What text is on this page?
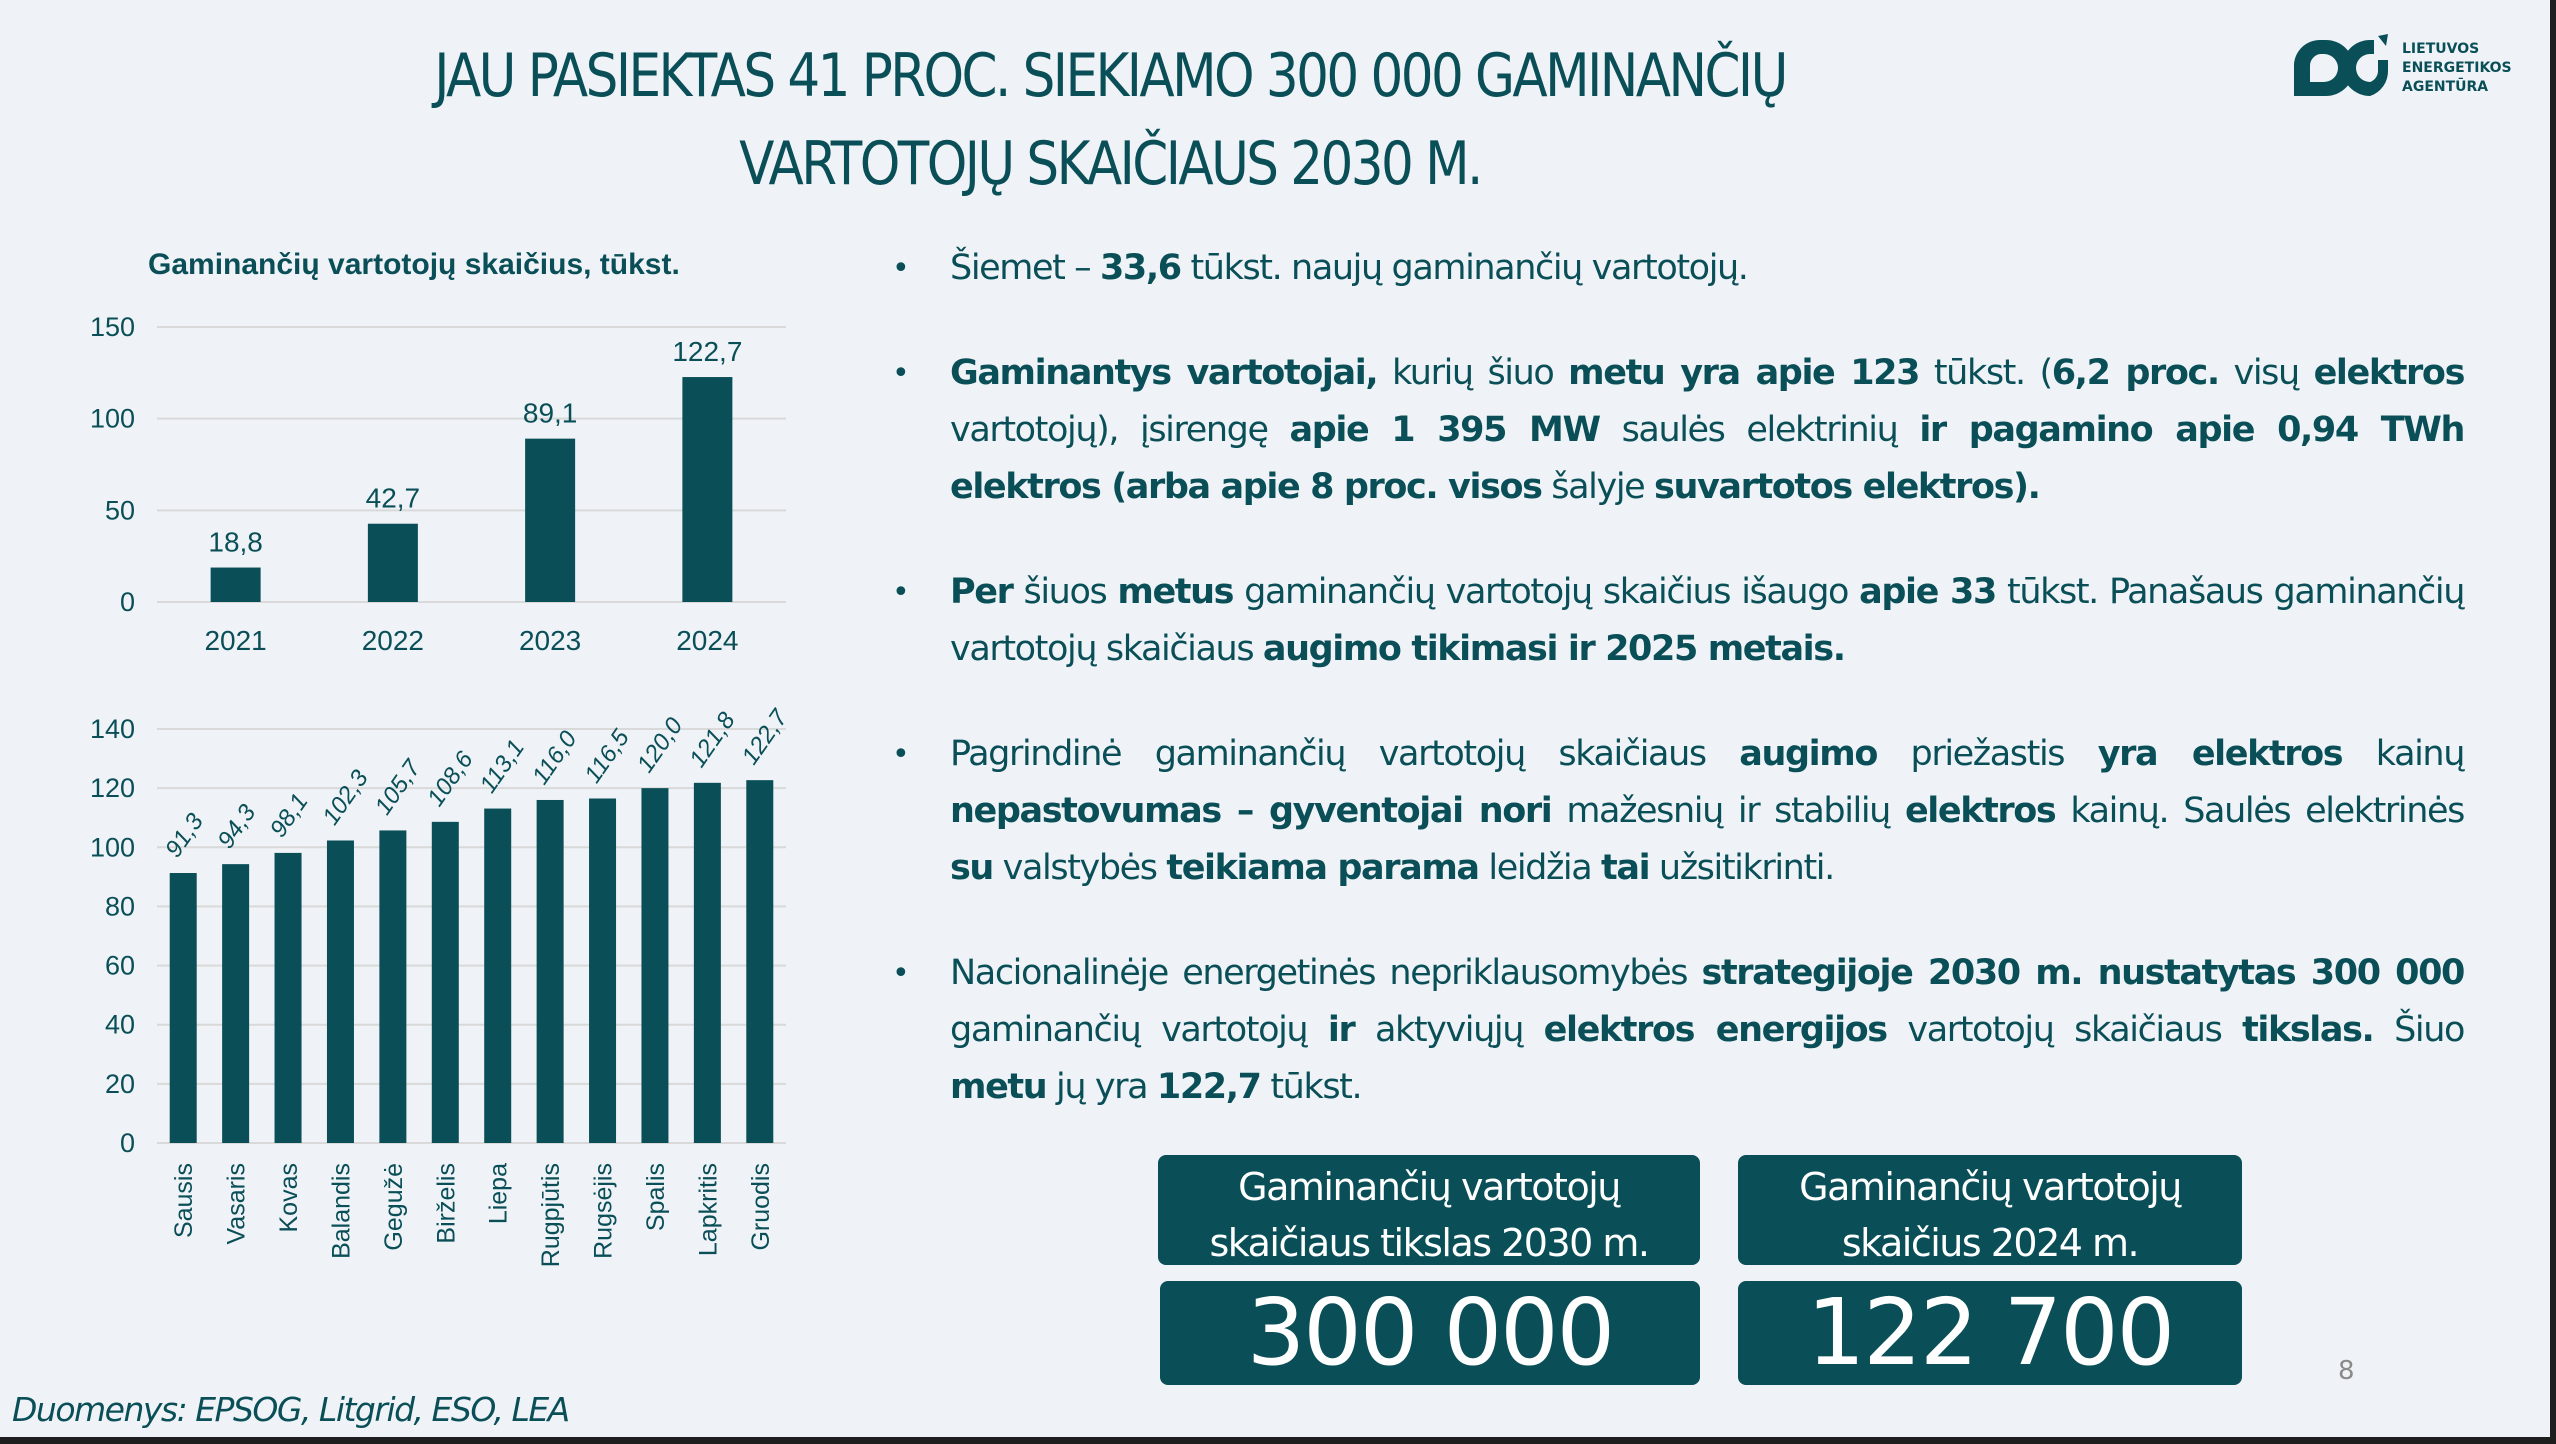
JAU PASIEKTAS 41 PROC. SIEKIAMO 300 000 GAMINANČIŲ
VARTOTOJŲ SKAIČIAUS 2030 M.
LIETUVOS
ENERGETIKOS
AGENTŪRA
Gaminančių vartotojų skaičius, tūkst.
0
50
100
150
18,8
2021
42,7
2022
89,1
2023
122,7
2024
0
20
40
60
80
100
120
140
91,3
Sausis
94,3
Vasaris
98,1
Kovas
102,3
Balandis
105,7
Gegužė
108,6
Birželis
113,1
Liepa
116,0
Rugpjūtis
116,5
Rugsėjis
120,0
Spalis
121,8
Lapkritis
122,7
Gruodis
• Šiemet – 33,6 tūkst. naujų gaminančių vartotojų.
• Gaminantys vartotojai, kurių šiuo metu yra apie 123 tūkst. (6,2 proc. visų elektros vartotojų), įsirengę apie 1 395 MW saulės elektrinių ir pagamino apie 0,94 TWh elektros (arba apie 8 proc. visos šalyje suvartotos elektros).
• Per šiuos metus gaminančių vartotojų skaičius išaugo apie 33 tūkst. Panašaus gaminančių vartotojų skaičiaus augimo tikimasi ir 2025 metais.
• Pagrindinė gaminančių vartotojų skaičiaus augimo priežastis yra elektros kainų nepastovumas – gyventojai nori mažesnių ir stabilių elektros kainų. Saulės elektrinės su valstybės teikiama parama leidžia tai užsitikrinti.
• Nacionalinėje energetinės nepriklausomybės strategijoje 2030 m. nustatytas 300 000 gaminančių vartotojų ir aktyviųjų elektros energijos vartotojų skaičiaus tikslas. Šiuo metu jų yra 122,7 tūkst.
Gaminančių vartotojų
skaičiaus tikslas 2030 m.
300 000
Gaminančių vartotojų
skaičius 2024 m.
122 700	8
Duomenys: EPSOG, Litgrid, ESO, LEA
